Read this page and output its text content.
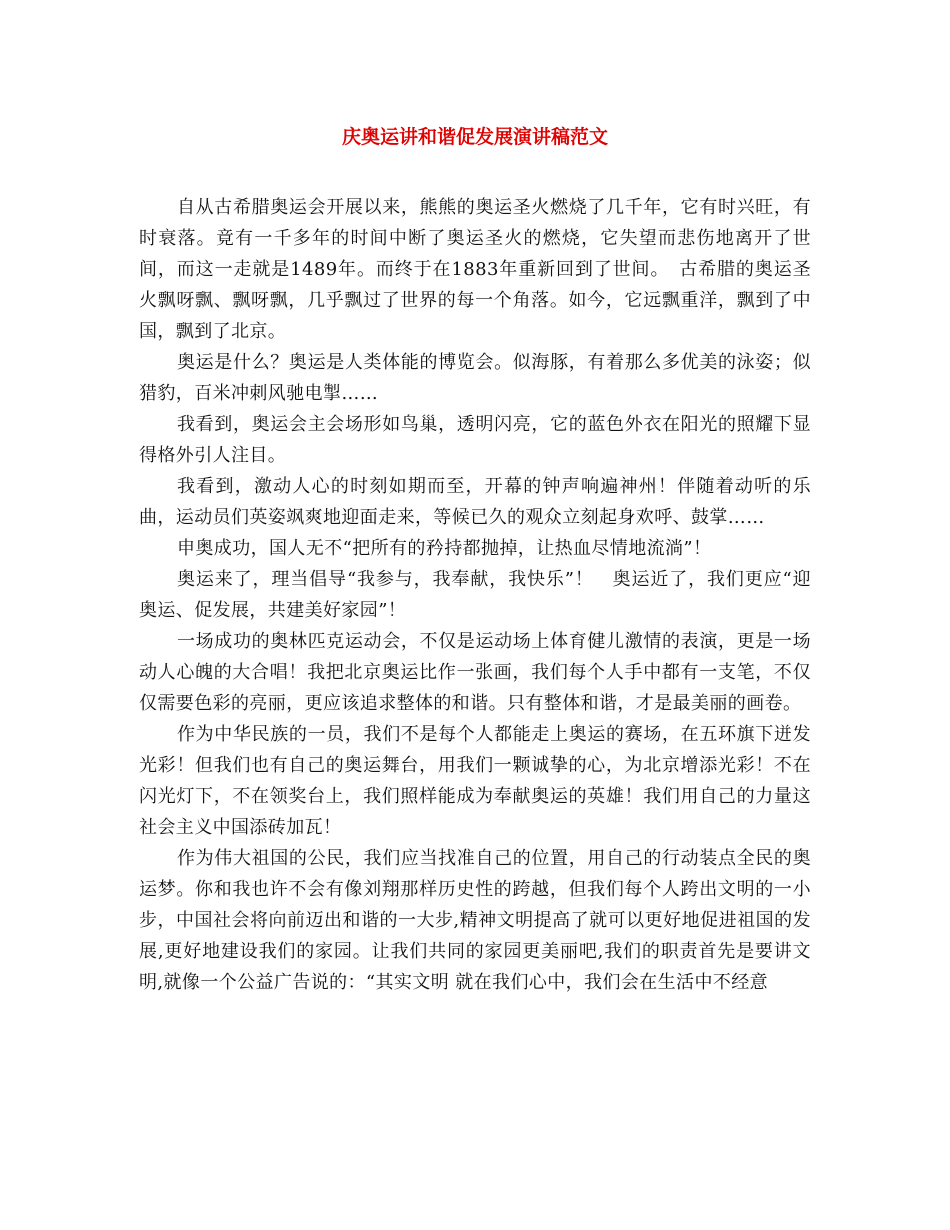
庆奥运讲和谐促发展演讲稿范文

自从古希腊奥运会开展以来，熊熊的奥运圣火燃烧了几千年，它有时兴旺，有时衰落。竟有一千多年的时间中断了奥运圣火的燃烧，它失望而悲伤地离开了世间，而这一走就是1489年。而终于在1883年重新回到了世间。　古希腊的奥运圣火飘呀飘、飘呀飘，几乎飘过了世界的每一个角落。如今，它远飘重洋，飘到了中国，飘到了北京。

奥运是什么？奥运是人类体能的博览会。似海豚，有着那么多优美的泳姿；似猎豹，百米冲刺风驰电掣……

我看到，奥运会主会场形如鸟巢，透明闪亮，它的蓝色外衣在阳光的照耀下显得格外引人注目。

我看到，激动人心的时刻如期而至，开幕的钟声响遍神州！伴随着动听的乐曲，运动员们英姿飒爽地迎面走来，等候已久的观众立刻起身欢呼、鼓掌……

申奥成功，国人无不“把所有的矜持都抛掉，让热血尽情地流淌”！

奥运来了，理当倡导“我参与，我奉献，我快乐”！　奥运近了，我们更应“迎奥运、促发展，共建美好家园”！

一场成功的奥林匹克运动会，不仅是运动场上体育健儿激情的表演，更是一场动人心魄的大合唱！我把北京奥运比作一张画，我们每个人手中都有一支笔，不仅仅需要色彩的亮丽，更应该追求整体的和谐。只有整体和谐，才是最美丽的画卷。

作为中华民族的一员，我们不是每个人都能走上奥运的赛场，在五环旗下迸发光彩！但我们也有自己的奥运舞台，用我们一颗诚挚的心，为北京增添光彩！不在闪光灯下，不在领奖台上，我们照样能成为奉献奥运的英雄！我们用自己的力量这社会主义中国添砖加瓦！

作为伟大祖国的公民，我们应当找准自己的位置，用自己的行动装点全民的奥运梦。你和我也许不会有像刘翔那样历史性的跨越，但我们每个人跨出文明的一小步，中国社会将向前迈出和谐的一大步,精神文明提高了就可以更好地促进祖国的发展,更好地建设我们的家园。让我们共同的家园更美丽吧,我们的职责首先是要讲文明,就像一个公益广告说的：“其实文明 就在我们心中，我们会在生活中不经意
